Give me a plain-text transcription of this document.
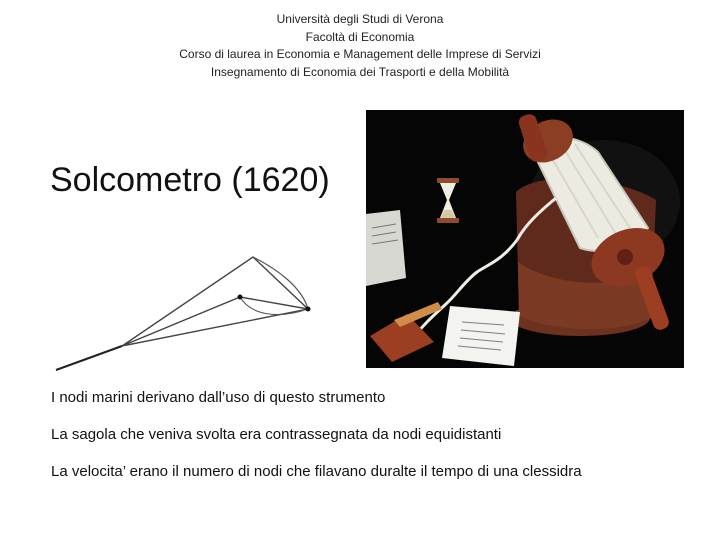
Università degli Studi di Verona
Facoltà di Economia
Corso di laurea in Economia e Management delle Imprese di Servizi
Insegnamento di Economia dei Trasporti e della Mobilità
Solcometro (1620)
I nodi marini derivano dall’uso di questo strumento
La sagola che veniva svolta era contrassegnata da nodi equidistanti
La velocita’ erano il numero di nodi che filavano duralte il tempo di una clessidra
